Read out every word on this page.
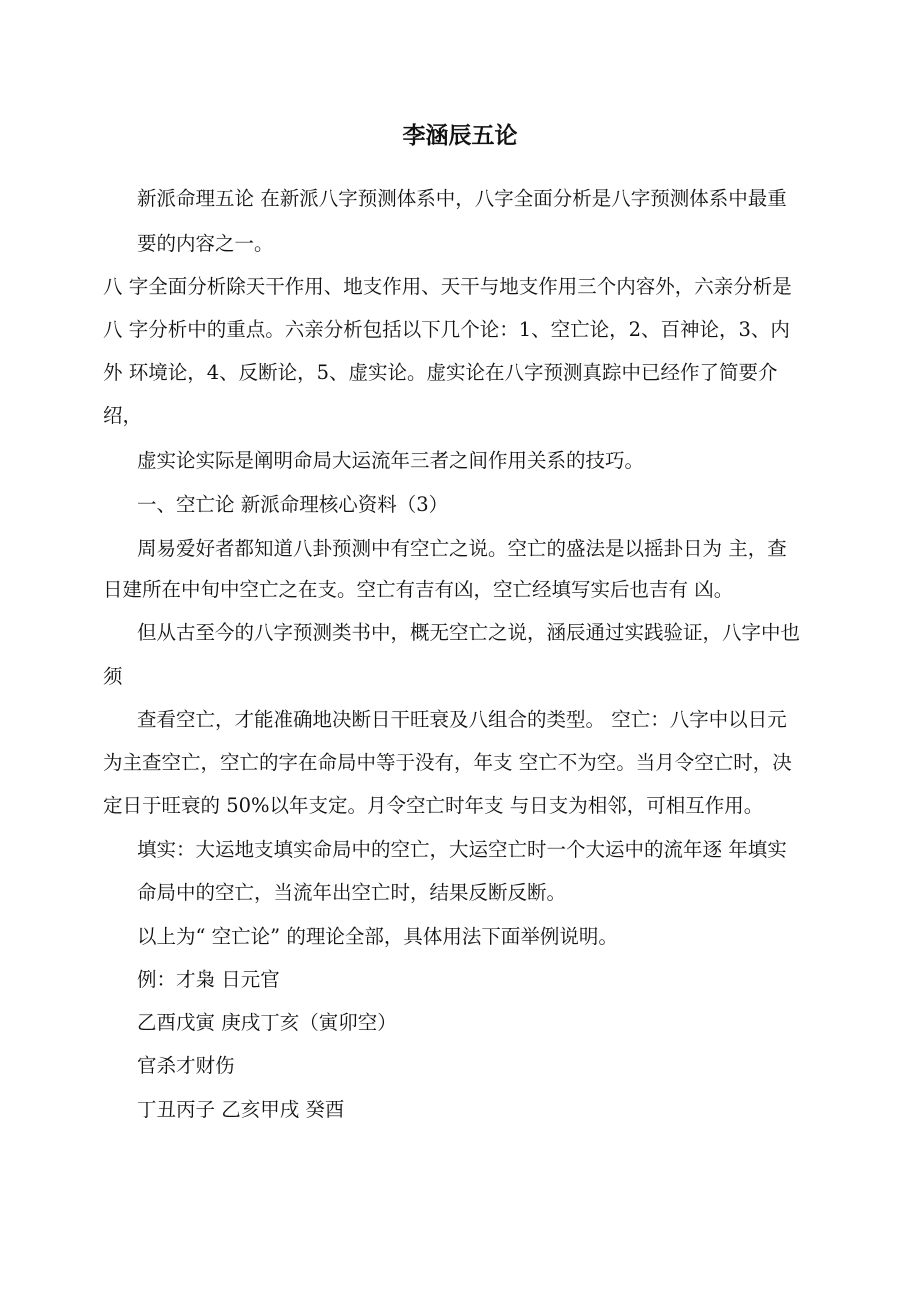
李涵辰五论
新派命理五论 在新派八字预测体系中，八字全面分析是八字预测体系中最重
要的内容之一。
八 字全面分析除天干作用、地支作用、天干与地支作用三个内容外，六亲分析是
八 字分析中的重点。六亲分析包括以下几个论：1、空亡论，2、百神论，3、内
外 环境论，4、反断论，5、虚实论。虚实论在八字预测真踪中已经作了简要介
绍，
虚实论实际是阐明命局大运流年三者之间作用关系的技巧。
一、空亡论 新派命理核心资料（3）
周易爱好者都知道八卦预测中有空亡之说。空亡的盛法是以摇卦日为 主，查
日建所在中旬中空亡之在支。空亡有吉有凶，空亡经填写实后也吉有 凶。
但从古至今的八字预测类书中，概无空亡之说，涵辰通过实践验证，八字中也
须
查看空亡，才能准确地决断日干旺衰及八组合的类型。 空亡：八字中以日元
为主查空亡，空亡的字在命局中等于没有，年支 空亡不为空。当月令空亡时，决
定日于旺衰的 50%以年支定。月令空亡时年支 与日支为相邻，可相互作用。
填实：大运地支填实命局中的空亡，大运空亡时一个大运中的流年逐 年填实
命局中的空亡，当流年出空亡时，结果反断反断。
以上为“ 空亡论” 的理论全部，具体用法下面举例说明。
例：才枭 日元官
乙酉戊寅 庚戌丁亥（寅卯空）
官杀才财伤
丁丑丙子 乙亥甲戌 癸酉
